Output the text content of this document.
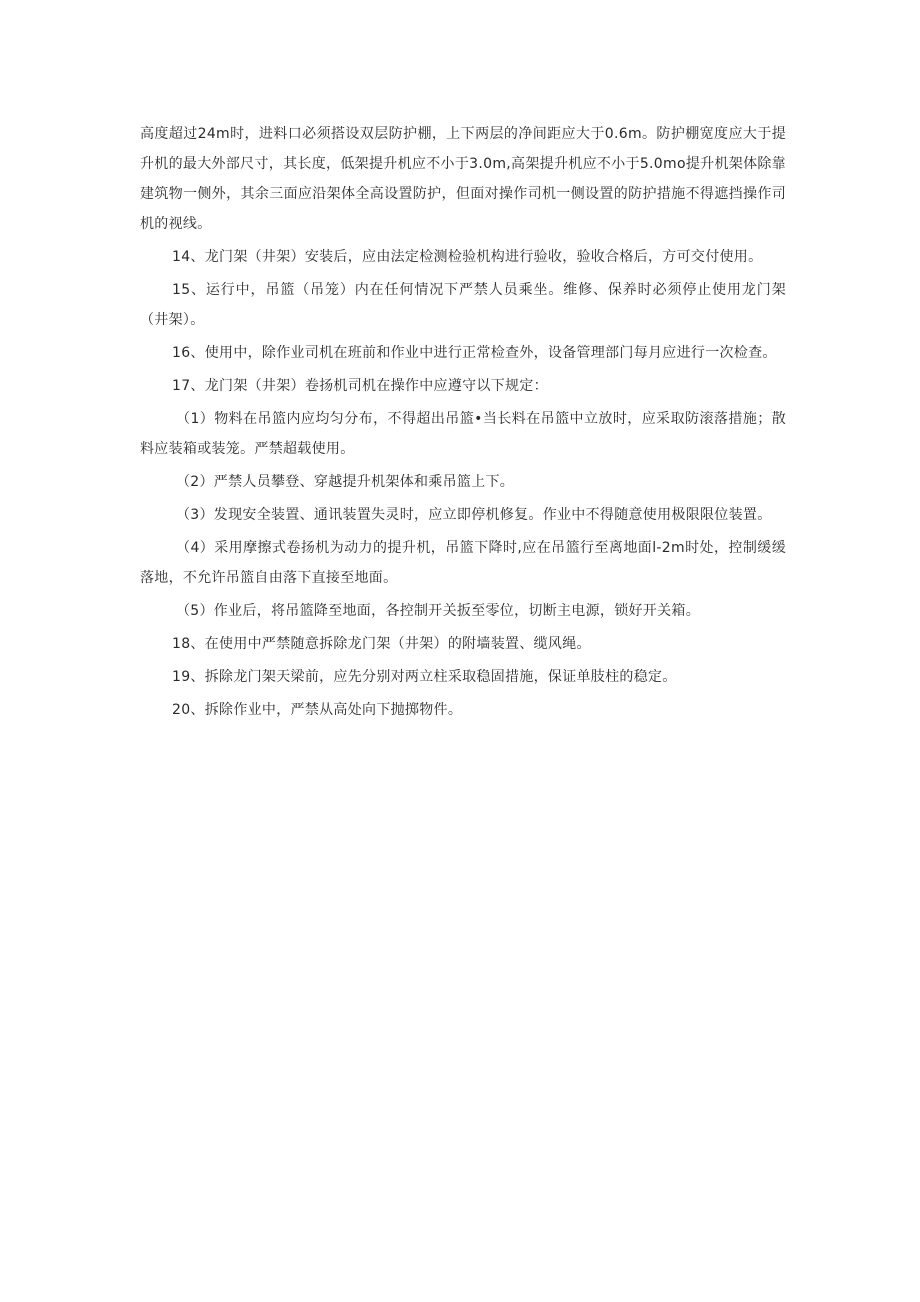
高度超过24m时，进料口必须搭设双层防护棚，上下两层的净间距应大于0.6m。防护棚宽度应大于提升机的最大外部尺寸，其长度，低架提升机应不小于3.0m,高架提升机应不小于5.0mo提升机架体除靠建筑物一侧外，其余三面应沿架体全高设置防护，但面对操作司机一侧设置的防护措施不得遮挡操作司机的视线。

14、龙门架（井架）安装后，应由法定检测检验机构进行验收，验收合格后，方可交付使用。

15、运行中，吊篮（吊笼）内在任何情况下严禁人员乘坐。维修、保养时必须停止使用龙门架（井架）。

16、使用中，除作业司机在班前和作业中进行正常检查外，设备管理部门每月应进行一次检查。

17、龙门架（井架）卷扬机司机在操作中应遵守以下规定：

（1）物料在吊篮内应均匀分布，不得超出吊篮•当长料在吊篮中立放时，应采取防滚落措施；散料应装箱或装笼。严禁超载使用。

（2）严禁人员攀登、穿越提升机架体和乘吊篮上下。

（3）发现安全装置、通讯装置失灵时，应立即停机修复。作业中不得随意使用极限限位装置。

（4）采用摩擦式卷扬机为动力的提升机，吊篮下降时,应在吊篮行至离地面l-2m时处，控制缓缓落地，不允许吊篮自由落下直接至地面。

（5）作业后，将吊篮降至地面，各控制开关扳至零位，切断主电源，锁好开关箱。

18、在使用中严禁随意拆除龙门架（井架）的附墙装置、缆风绳。

19、拆除龙门架天梁前，应先分别对两立柱采取稳固措施，保证单肢柱的稳定。

20、拆除作业中，严禁从高处向下抛掷物件。
